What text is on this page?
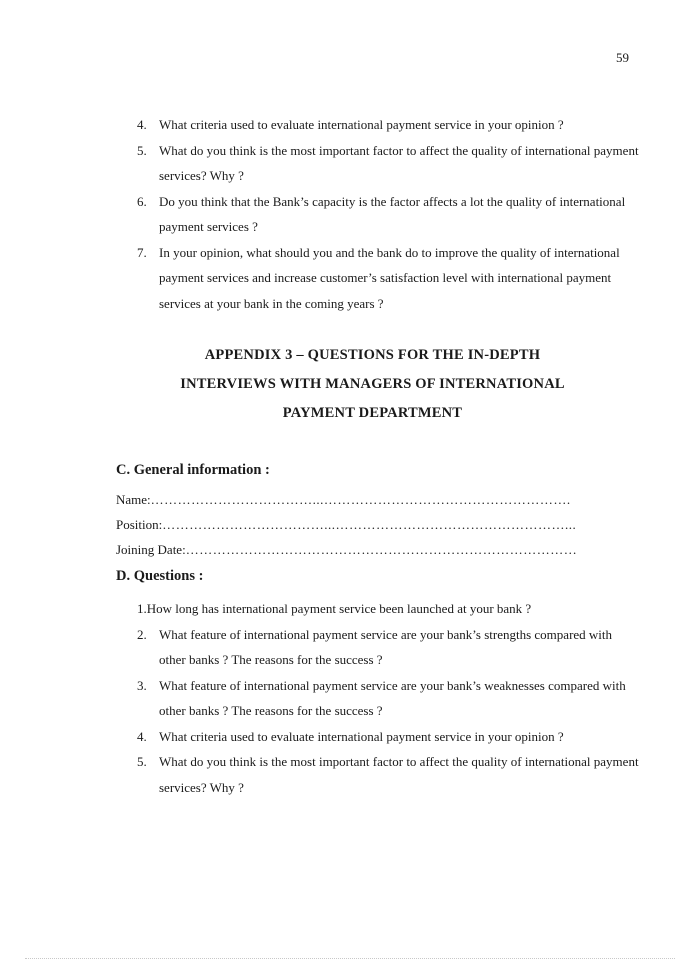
59
4. What criteria used to evaluate international payment service in your opinion ?
5. What do you think is the most important factor to affect the quality of international payment services? Why ?
6. Do you think that the Bank’s capacity is the factor affects a lot the quality of international payment services ?
7. In your opinion, what should you and the bank do to improve the quality of international payment services and increase customer’s satisfaction level with international payment services at your bank in the coming years ?
APPENDIX 3 – QUESTIONS FOR THE IN-DEPTH
INTERVIEWS WITH MANAGERS OF INTERNATIONAL
PAYMENT DEPARTMENT
C. General information :
Name:………………………………...……………………………………………….
Position:………………………………...……………………………………………...
Joining Date:……………………………………………………………………………
D. Questions :
1.How long has international payment service been launched at your bank ?
2. What feature of international payment service are your bank’s strengths compared with other banks ? The reasons for the success ?
3. What feature of international payment service are your bank’s weaknesses compared with other banks ? The reasons for the success ?
4. What criteria used to evaluate international payment service in your opinion ?
5. What do you think is the most important factor to affect the quality of international payment services? Why ?
